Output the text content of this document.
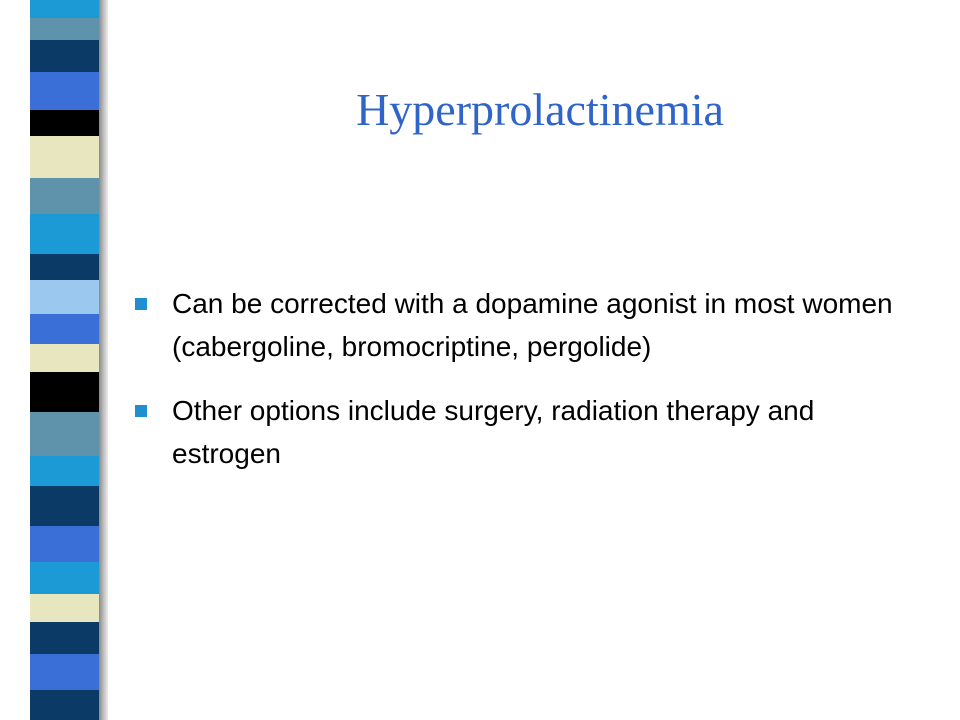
Hyperprolactinemia
Can be corrected with a dopamine agonist in most women (cabergoline, bromocriptine, pergolide)
Other options include surgery, radiation therapy and estrogen
